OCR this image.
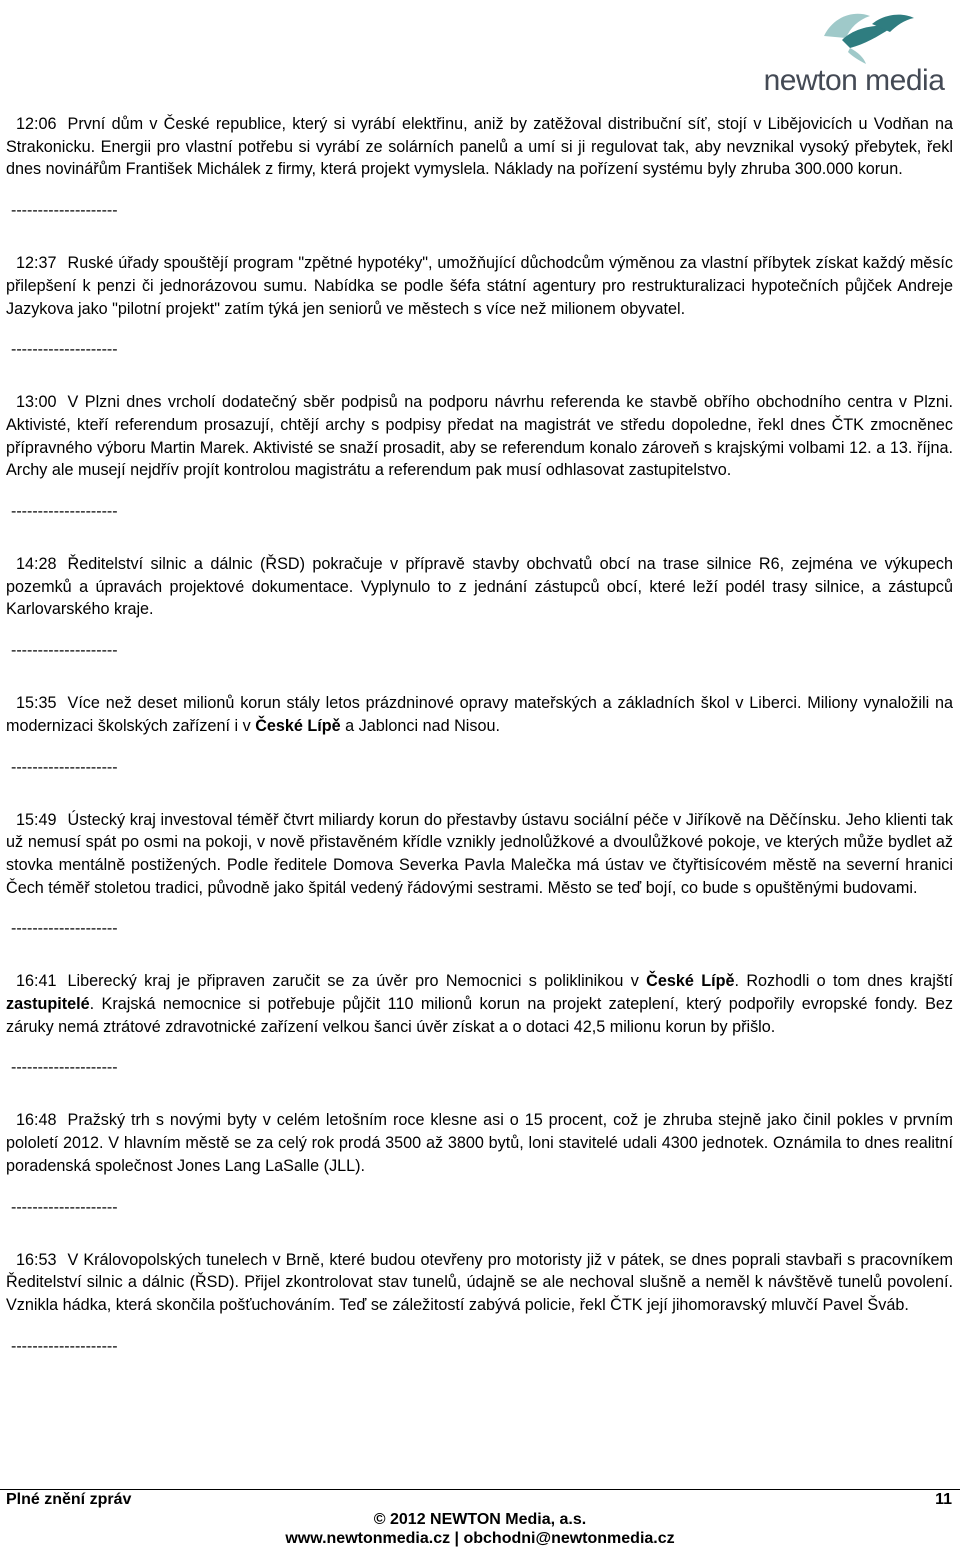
newton media

12:06 První dům v České republice, který si vyrábí elektřinu, aniž by zatěžoval distribuční síť, stojí v Libějovicích u Vodňan na Strakonicku. Energii pro vlastní potřebu si vyrábí ze solárních panelů a umí si ji regulovat tak, aby nevznikal vysoký přebytek, řekl dnes novinářům František Michálek z firmy, která projekt vymyslela. Náklady na pořízení systému byly zhruba 300.000 korun.

--------------------

12:37 Ruské úřady spouštějí program "zpětné hypotéky", umožňující důchodcům výměnou za vlastní příbytek získat každý měsíc přilepšení k penzi či jednorázovou sumu. Nabídka se podle šéfa státní agentury pro restrukturalizaci hypotečních půjček Andreje Jazykova jako "pilotní projekt" zatím týká jen seniorů ve městech s více než milionem obyvatel.

--------------------

13:00 V Plzni dnes vrcholí dodatečný sběr podpisů na podporu návrhu referenda ke stavbě obřího obchodního centra v Plzni. Aktivisté, kteří referendum prosazují, chtějí archy s podpisy předat na magistrát ve středu dopoledne, řekl dnes ČTK zmocněnec přípravného výboru Martin Marek. Aktivisté se snaží prosadit, aby se referendum konalo zároveň s krajskými volbami 12. a 13. října. Archy ale musejí nejdřív projít kontrolou magistrátu a referendum pak musí odhlasovat zastupitelstvo.

--------------------

14:28 Ředitelství silnic a dálnic (ŘSD) pokračuje v přípravě stavby obchvatů obcí na trase silnice R6, zejména ve výkupech pozemků a úpravách projektové dokumentace. Vyplynulo to z jednání zástupců obcí, které leží podél trasy silnice, a zástupců Karlovarského kraje.

--------------------

15:35 Více než deset milionů korun stály letos prázdninové opravy mateřských a základních škol v Liberci. Miliony vynaložili na modernizaci školských zařízení i v České Lípě a Jablonci nad Nisou.

--------------------

15:49 Ústecký kraj investoval téměř čtvrt miliardy korun do přestavby ústavu sociální péče v Jiříkově na Děčínsku. Jeho klienti tak už nemusí spát po osmi na pokoji, v nově přistavěném křídle vznikly jednolůžkové a dvoulůžkové pokoje, ve kterých může bydlet až stovka mentálně postižených. Podle ředitele Domova Severka Pavla Malečka má ústav ve čtyřtisícovém městě na severní hranici Čech téměř stoletou tradici, původně jako špitál vedený řádovými sestrami. Město se teď bojí, co bude s opuštěnými budovami.

--------------------

16:41 Liberecký kraj je připraven zaručit se za úvěr pro Nemocnici s poliklinikou v České Lípě. Rozhodli o tom dnes krajští zastupitelé. Krajská nemocnice si potřebuje půjčit 110 milionů korun na projekt zateplení, který podpořily evropské fondy. Bez záruky nemá ztrátové zdravotnické zařízení velkou šanci úvěr získat a o dotaci 42,5 milionu korun by přišlo.

--------------------

16:48 Pražský trh s novými byty v celém letošním roce klesne asi o 15 procent, což je zhruba stejně jako činil pokles v prvním pololetí 2012. V hlavním městě se za celý rok prodá 3500 až 3800 bytů, loni stavitelé udali 4300 jednotek. Oznámila to dnes realitní poradenská společnost Jones Lang LaSalle (JLL).

--------------------

16:53 V Královopolských tunelech v Brně, které budou otevřeny pro motoristy již v pátek, se dnes poprali stavbaři s pracovníkem Ředitelství silnic a dálnic (ŘSD). Přijel zkontrolovat stav tunelů, údajně se ale nechoval slušně a neměl k návštěvě tunelů povolení. Vznikla hádka, která skončila pošťuchováním. Teď se záležitostí zabývá policie, řekl ČTK její jihomoravský mluvčí Pavel Šváb.

--------------------
Plné znění zpráv	11
© 2012 NEWTON Media, a.s.
www.newtonmedia.cz | obchodni@newtonmedia.cz
